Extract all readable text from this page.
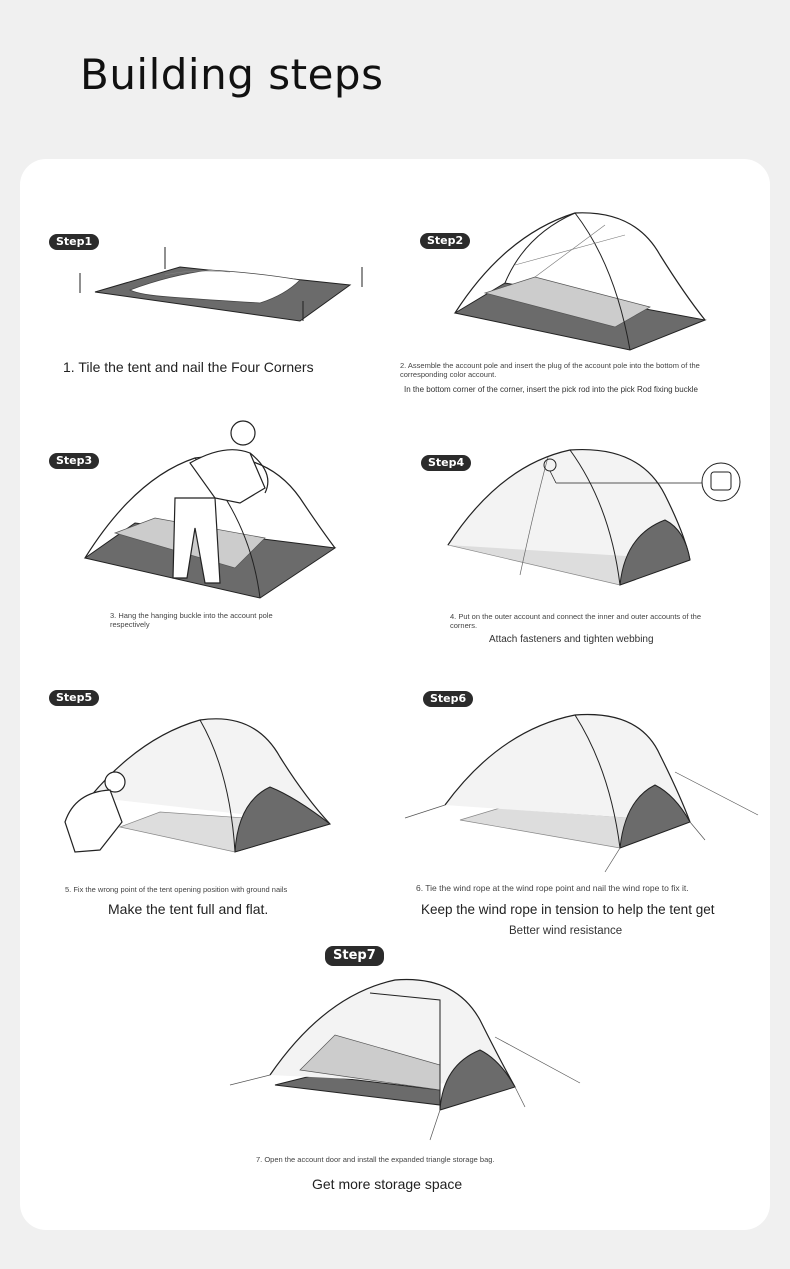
Building steps
Step1
1. Tile the tent and nail the Four Corners
Step2
2. Assemble the account pole and insert the plug of the account pole into the bottom of the corresponding color account.
In the bottom corner of the corner, insert the pick rod into the pick Rod fixing buckle
Step3
3. Hang the hanging buckle into the account pole respectively
Step4
4. Put on the outer account and connect the inner and outer accounts of the corners.
Attach fasteners and tighten webbing
Step5
5. Fix the wrong point of the tent opening position with ground nails
Make the tent full and flat.
Step6
6. Tie the wind rope at the wind rope point and nail the wind rope to fix it.
Keep the wind rope in tension to help the tent get
Better wind resistance
Step7
7. Open the account door and install the expanded triangle storage bag.
Get more storage space
